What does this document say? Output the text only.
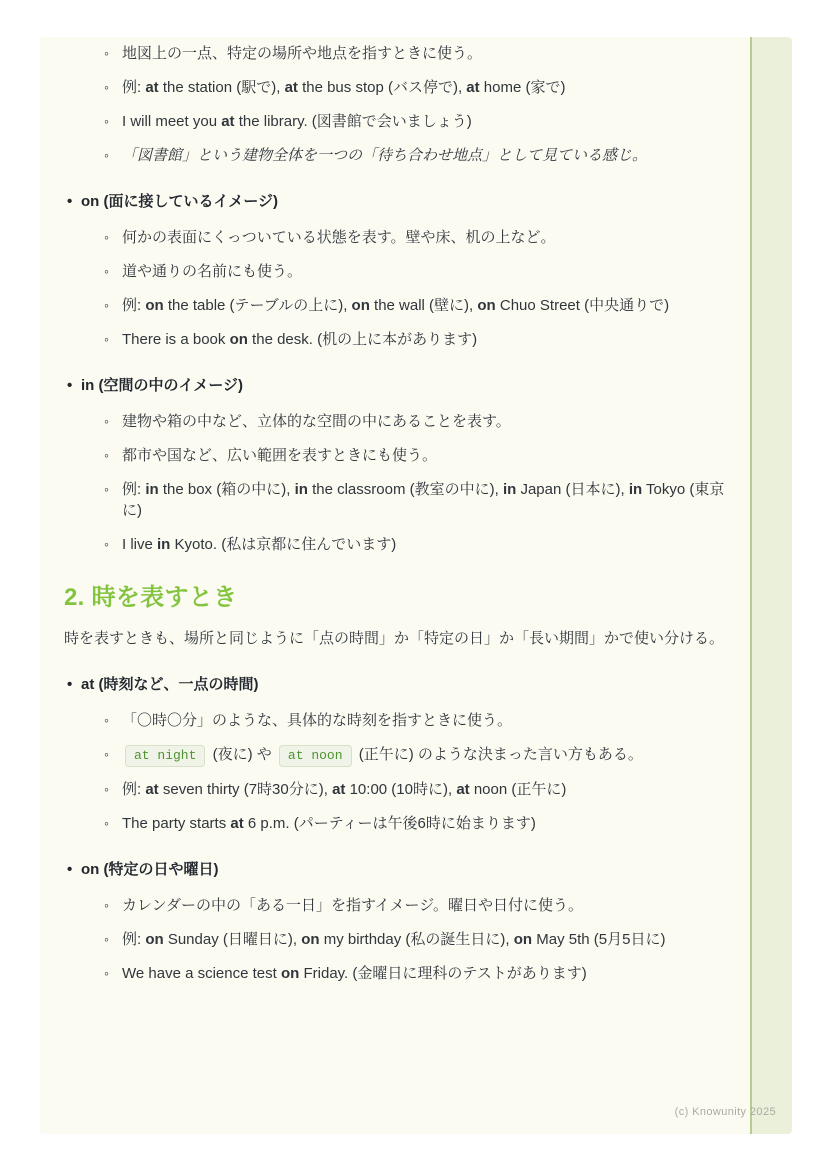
◦ 地図上の一点、特定の場所や地点を指すときに使う。
◦ 例: at the station (駅で), at the bus stop (バス停で), at home (家で)
◦ I will meet you at the library. (図書館で会いましょう)
◦ 「図書館」という建物全体を一つの「待ち合わせ地点」として見ている感じ。
• on (面に接しているイメージ)
◦ 何かの表面にくっついている状態を表す。壁や床、机の上など。
◦ 道や通りの名前にも使う。
◦ 例: on the table (テーブルの上に), on the wall (壁に), on Chuo Street (中央通りで)
◦ There is a book on the desk. (机の上に本があります)
• in (空間の中のイメージ)
◦ 建物や箱の中など、立体的な空間の中にあることを表す。
◦ 都市や国など、広い範囲を表すときにも使う。
◦ 例: in the box (箱の中に), in the classroom (教室の中に), in Japan (日本に), in Tokyo (東京に)
◦ I live in Kyoto. (私は京都に住んでいます)
2. 時を表すとき

時を表すときも、場所と同じように「点の時間」か「特定の日」か「長い期間」かで使い分ける。

• at (時刻など、一点の時間)
◦ 「〇時〇分」のような、具体的な時刻を指すときに使う。
◦ at night (夜に) や at noon (正午に) のような決まった言い方もある。
◦ 例: at seven thirty (7時30分に), at 10:00 (10時に), at noon (正午に)
◦ The party starts at 6 p.m. (パーティーは午後6時に始まります)
• on (特定の日や曜日)
◦ カレンダーの中の「ある一日」を指すイメージ。曜日や日付に使う。
◦ 例: on Sunday (日曜日に), on my birthday (私の誕生日に), on May 5th (5月5日に)
◦ We have a science test on Friday. (金曜日に理科のテストがあります)
(c) Knowunity 2025
